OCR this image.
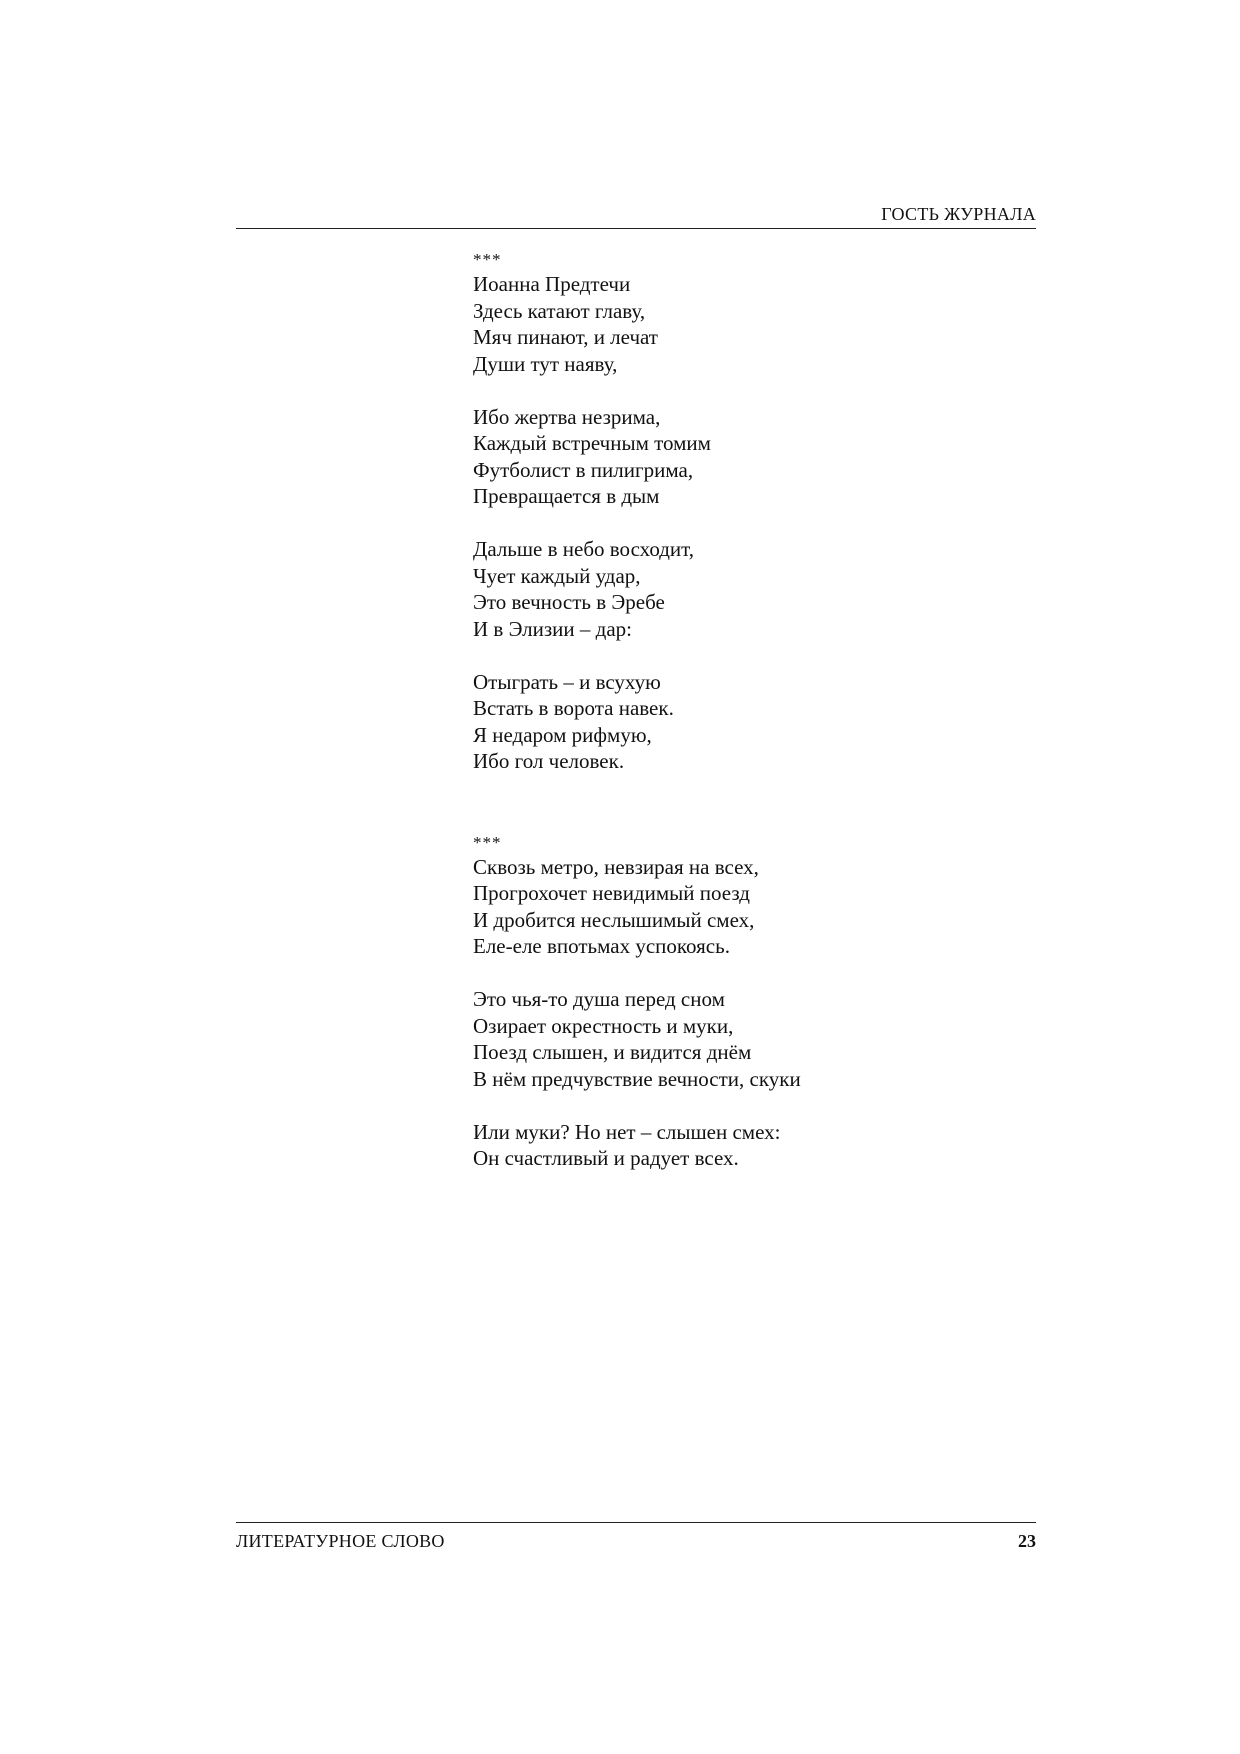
ГОСТЬ ЖУРНАЛА
***
Иоанна Предтечи
Здесь катают главу,
Мяч пинают, и лечат
Души тут наяву,
Ибо жертва незрима,
Каждый встречным томим
Футболист в пилигрима,
Превращается в дым
Дальше в небо восходит,
Чует каждый удар,
Это вечность в Эребе
И в Элизии – дар:
Отыграть – и всухую
Встать в ворота навек.
Я недаром рифмую,
Ибо гол человек.
***
Сквозь метро, невзирая на всех,
Прогрохочет невидимый поезд
И дробится неслышимый смех,
Еле-еле впотьмах успокоясь.
Это чья-то душа перед сном
Озирает окрестность и муки,
Поезд слышен, и видится днём
В нём предчувствие вечности, скуки
Или муки? Но нет – слышен смех:
Он счастливый и радует всех.
ЛИТЕРАТУРНОЕ СЛОВО	23
